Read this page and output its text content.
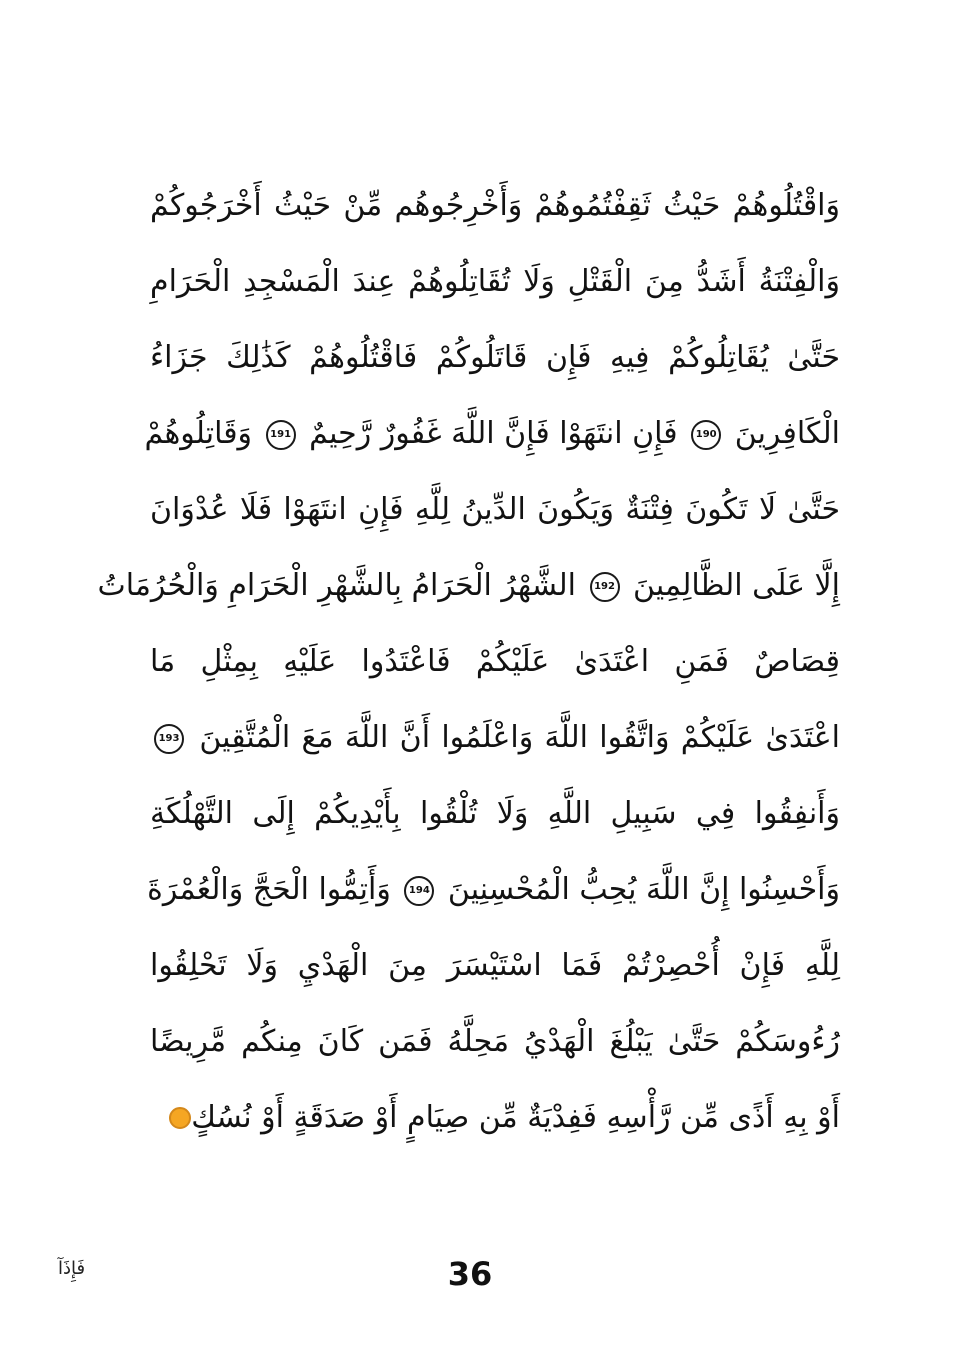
وَاقْتُلُوهُمْ حَيْثُ ثَقِفْتُمُوهُمْ وَأَخْرِجُوهُم مِّنْ حَيْثُ أَخْرَجُوكُمْ
وَالْفِتْنَةُ أَشَدُّ مِنَ الْقَتْلِ وَلَا تُقَاتِلُوهُمْ عِندَ الْمَسْجِدِ الْحَرَامِ
حَتَّىٰ يُقَاتِلُوكُمْ فِيهِ فَإِن قَاتَلُوكُمْ فَاقْتُلُوهُمْ كَذَٰلِكَ جَزَاءُ
الْكَافِرِينَ 190 فَإِنِ انتَهَوْا فَإِنَّ اللَّهَ غَفُورٌ رَّحِيمٌ 191 وَقَاتِلُوهُمْ
حَتَّىٰ لَا تَكُونَ فِتْنَةٌ وَيَكُونَ الدِّينُ لِلَّهِ فَإِنِ انتَهَوْا فَلَا عُدْوَانَ
إِلَّا عَلَى الظَّالِمِينَ 192 الشَّهْرُ الْحَرَامُ بِالشَّهْرِ الْحَرَامِ وَالْحُرُمَاتُ
قِصَاصٌ فَمَنِ اعْتَدَىٰ عَلَيْكُمْ فَاعْتَدُوا عَلَيْهِ بِمِثْلِ مَا
اعْتَدَىٰ عَلَيْكُمْ وَاتَّقُوا اللَّهَ وَاعْلَمُوا أَنَّ اللَّهَ مَعَ الْمُتَّقِينَ 193
وَأَنفِقُوا فِي سَبِيلِ اللَّهِ وَلَا تُلْقُوا بِأَيْدِيكُمْ إِلَى التَّهْلُكَةِ
وَأَحْسِنُوا إِنَّ اللَّهَ يُحِبُّ الْمُحْسِنِينَ 194 وَأَتِمُّوا الْحَجَّ وَالْعُمْرَةَ
لِلَّهِ فَإِنْ أُحْصِرْتُمْ فَمَا اسْتَيْسَرَ مِنَ الْهَدْيِ وَلَا تَحْلِقُوا
رُءُوسَكُمْ حَتَّىٰ يَبْلُغَ الْهَدْيُ مَحِلَّهُ فَمَن كَانَ مِنكُم مَّرِيضًا
أَوْ بِهِ أَذًى مِّن رَّأْسِهِ فَفِدْيَةٌ مِّن صِيَامٍ أَوْ صَدَقَةٍ أَوْ نُسُكٍ
فَإِذَآ	36
